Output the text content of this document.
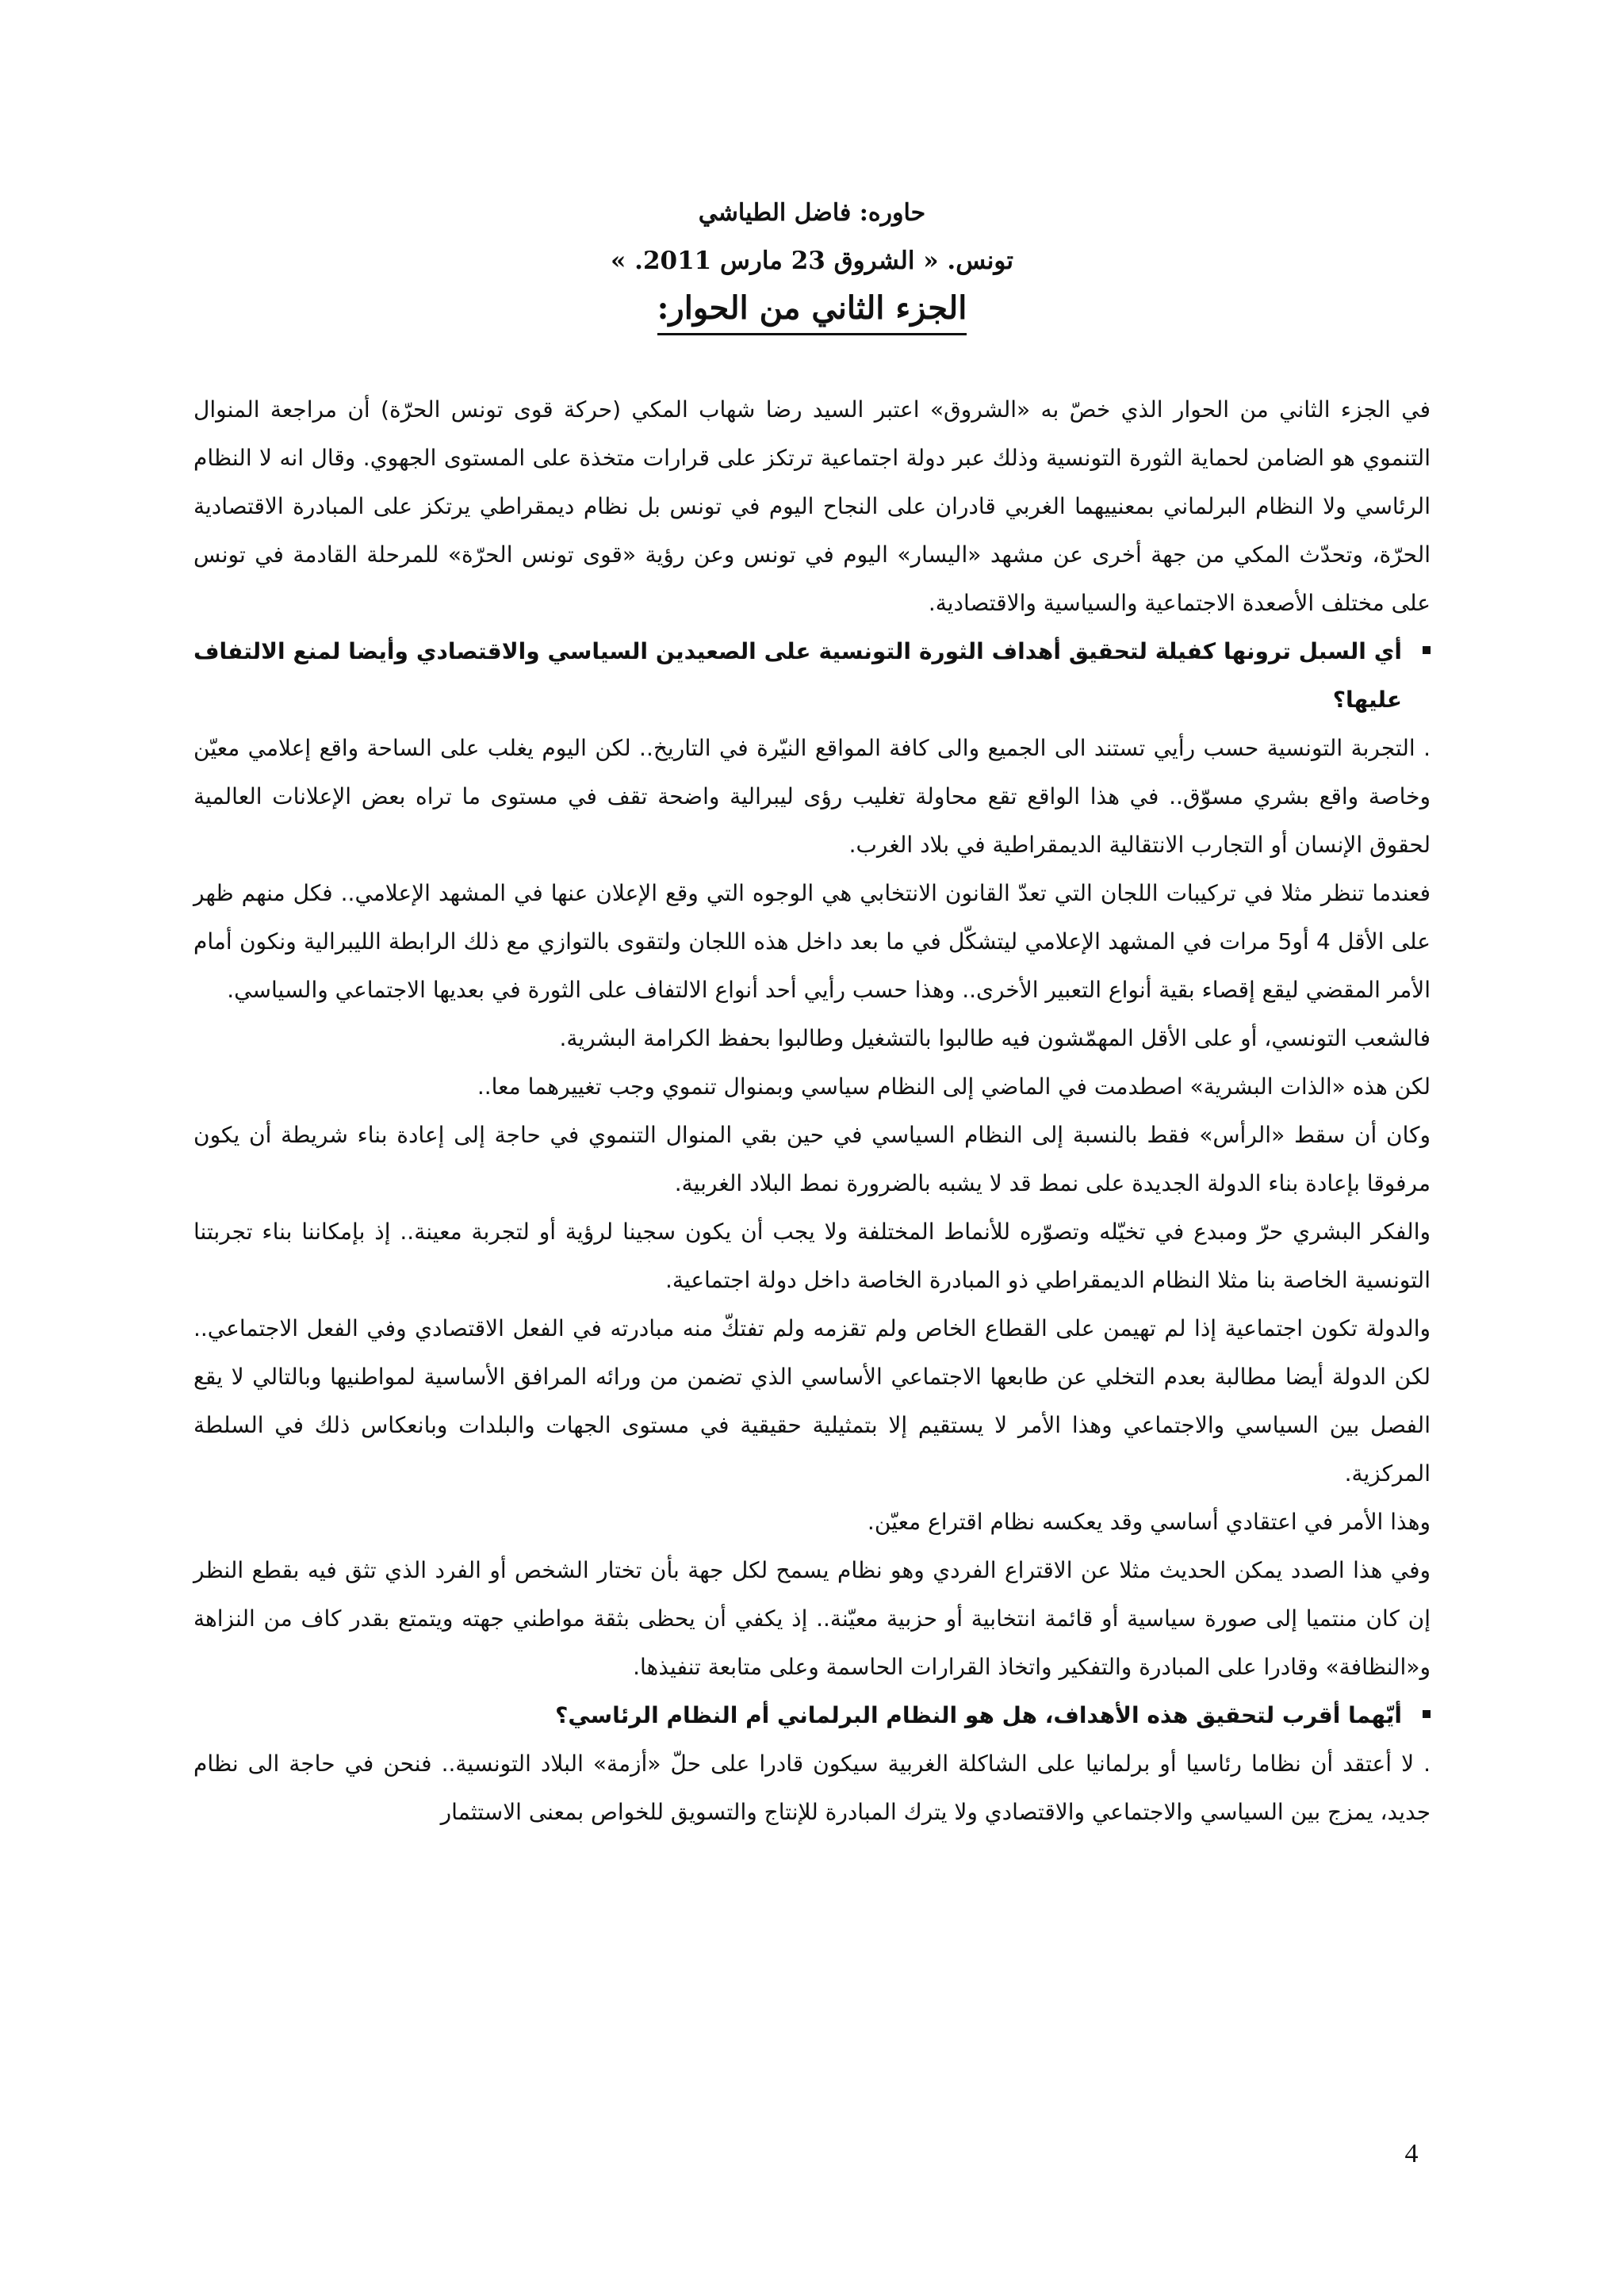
حاوره: فاضل الطياشي
تونس. « الشروق 23 مارس 2011. »
الجزء الثاني من الحوار:

في الجزء الثاني من الحوار الذي خصّ به «الشروق» اعتبر السيد رضا شهاب المكي (حركة قوى تونس الحرّة) أن مراجعة المنوال التنموي هو الضامن لحماية الثورة التونسية وذلك عبر دولة اجتماعية ترتكز على قرارات متخذة على المستوى الجهوي. وقال انه لا النظام الرئاسي ولا النظام البرلماني بمعنييهما الغربي قادران على النجاح اليوم في تونس بل نظام ديمقراطي يرتكز على المبادرة الاقتصادية الحرّة، وتحدّث المكي من جهة أخرى عن مشهد «اليسار» اليوم في تونس وعن رؤية «قوى تونس الحرّة» للمرحلة القادمة في تونس على مختلف الأصعدة الاجتماعية والسياسية والاقتصادية.

أي السبل ترونها كفيلة لتحقيق أهداف الثورة التونسية على الصعيدين السياسي والاقتصادي وأيضا لمنع الالتفاف عليها؟

. التجربة التونسية حسب رأيي تستند الى الجميع والى كافة المواقع النيّرة في التاريخ.. لكن اليوم يغلب على الساحة واقع إعلامي معيّن وخاصة واقع بشري مسوّق.. في هذا الواقع تقع محاولة تغليب رؤى ليبرالية واضحة تقف في مستوى ما تراه بعض الإعلانات العالمية لحقوق الإنسان أو التجارب الانتقالية الديمقراطية في بلاد الغرب.

فعندما تنظر مثلا في تركيبات اللجان التي تعدّ القانون الانتخابي هي الوجوه التي وقع الإعلان عنها في المشهد الإعلامي.. فكل منهم ظهر على الأقل 4 أو5 مرات في المشهد الإعلامي ليتشكّل في ما بعد داخل هذه اللجان ولتقوى بالتوازي مع ذلك الرابطة الليبرالية ونكون أمام الأمر المقضي ليقع إقصاء بقية أنواع التعبير الأخرى.. وهذا حسب رأيي أحد أنواع الالتفاف على الثورة في بعديها الاجتماعي والسياسي.

فالشعب التونسي، أو على الأقل المهمّشون فيه طالبوا بالتشغيل وطالبوا بحفظ الكرامة البشرية.

لكن هذه «الذات البشرية» اصطدمت في الماضي إلى النظام سياسي وبمنوال تنموي وجب تغييرهما معا..

وكان أن سقط «الرأس» فقط بالنسبة إلى النظام السياسي في حين بقي المنوال التنموي في حاجة إلى إعادة بناء شريطة أن يكون مرفوقا بإعادة بناء الدولة الجديدة على نمط قد لا يشبه بالضرورة نمط البلاد الغربية.

والفكر البشري حرّ ومبدع في تخيّله وتصوّره للأنماط المختلفة ولا يجب أن يكون سجينا لرؤية أو لتجربة معينة.. إذ بإمكاننا بناء تجربتنا التونسية الخاصة بنا مثلا النظام الديمقراطي ذو المبادرة الخاصة داخل دولة اجتماعية.

والدولة تكون اجتماعية إذا لم تهيمن على القطاع الخاص ولم تقزمه ولم تفتكّ منه مبادرته في الفعل الاقتصادي وفي الفعل الاجتماعي.. لكن الدولة أيضا مطالبة بعدم التخلي عن طابعها الاجتماعي الأساسي الذي تضمن من ورائه المرافق الأساسية لمواطنيها وبالتالي لا يقع الفصل بين السياسي والاجتماعي وهذا الأمر لا يستقيم إلا بتمثيلية حقيقية في مستوى الجهات والبلدات وبانعكاس ذلك في السلطة المركزية.

وهذا الأمر في اعتقادي أساسي وقد يعكسه نظام اقتراع معيّن.

وفي هذا الصدد يمكن الحديث مثلا عن الاقتراع الفردي وهو نظام يسمح لكل جهة بأن تختار الشخص أو الفرد الذي تثق فيه بقطع النظر إن كان منتميا إلى صورة سياسية أو قائمة انتخابية أو حزبية معيّنة.. إذ يكفي أن يحظى بثقة مواطني جهته ويتمتع بقدر كاف من النزاهة و«النظافة» وقادرا على المبادرة والتفكير واتخاذ القرارات الحاسمة وعلى متابعة تنفيذها.

أيّهما أقرب لتحقيق هذه الأهداف، هل هو النظام البرلماني أم النظام الرئاسي؟

. لا أعتقد أن نظاما رئاسيا أو برلمانيا على الشاكلة الغربية سيكون قادرا على حلّ «أزمة» البلاد التونسية.. فنحن في حاجة الى نظام جديد، يمزج بين السياسي والاجتماعي والاقتصادي ولا يترك المبادرة للإنتاج والتسويق للخواص بمعنى الاستثمار

4
